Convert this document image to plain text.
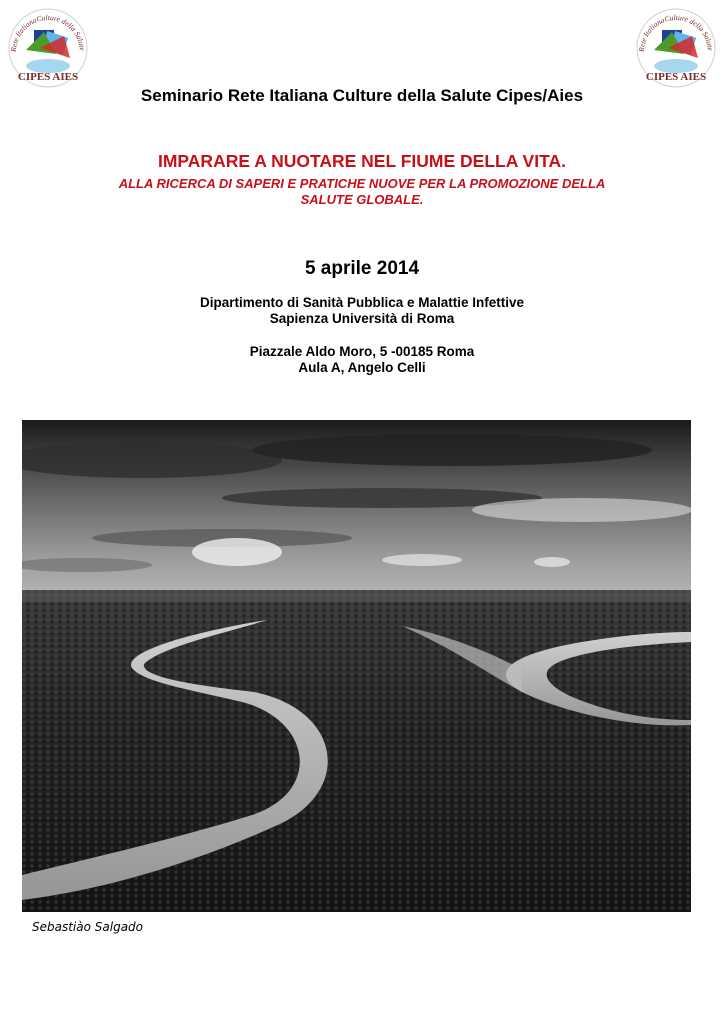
Rete ItalianaCulture della Salute
CIPES AIES
Rete ItalianaCulture della Salute
CIPES AIES
Seminario Rete Italiana Culture della Salute Cipes/Aies
IMPARARE A NUOTARE NEL FIUME DELLA VITA.
ALLA RICERCA DI SAPERI E PRATICHE NUOVE PER LA PROMOZIONE DELLA
SALUTE GLOBALE.
5 aprile 2014
Dipartimento di Sanità Pubblica e Malattie Infettive
Sapienza Università di Roma
Piazzale Aldo Moro, 5 -00185 Roma
Aula A, Angelo Celli
Sebastiào Salgado
